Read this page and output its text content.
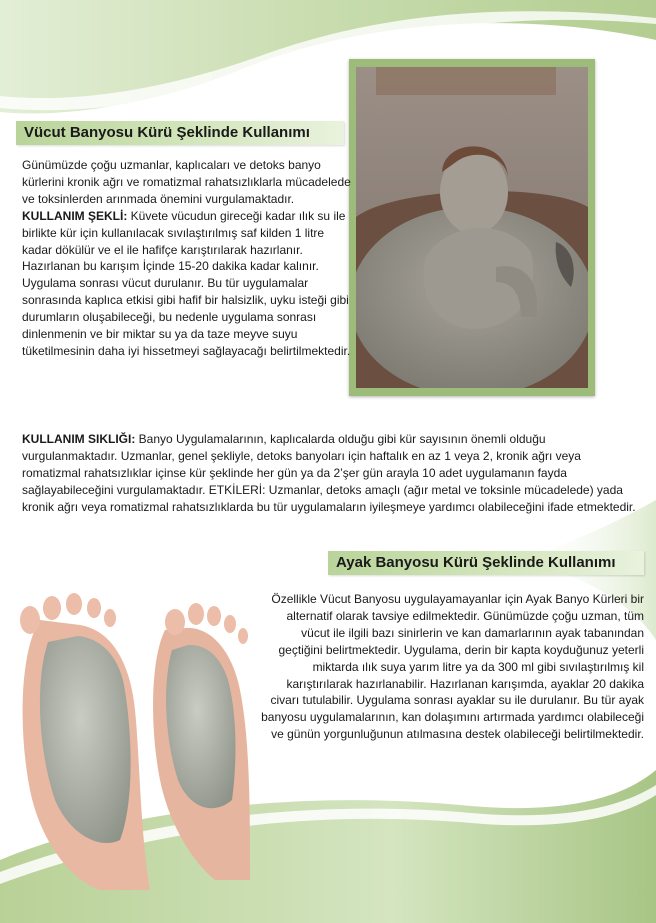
Vücut Banyosu Kürü Şeklinde Kullanımı

Günümüzde çoğu uzmanlar, kaplıcaları ve detoks banyo kürlerini kronik ağrı ve romatizmal rahatsızlıklarla mücadelede ve toksinlerden arınmada önemini vurgulamaktadır.

KULLANIM ŞEKLİ: Küvete vücudun gireceği kadar ılık su ile birlikte kür için kullanılacak sıvılaştırılmış saf kilden 1 litre kadar dökülür ve el ile hafifçe karıştırılarak hazırlanır. Hazırlanan bu karışım İçinde 15-20 dakika kadar kalınır. Uygulama sonrası vücut durulanır. Bu tür uygulamalar sonrasında kaplıca etkisi gibi hafif bir halsizlik, uyku isteği gibi durumların oluşabileceği, bu nedenle uygulama sonrası dinlenmenin ve bir miktar su ya da taze meyve suyu tüketilmesinin daha iyi hissetmeyi sağlayacağı belirtilmektedir.

KULLANIM SIKLIĞI: Banyo Uygulamalarının, kaplıcalarda olduğu gibi kür sayısının önemli olduğu vurgulanmaktadır. Uzmanlar, genel şekliyle, detoks banyoları için haftalık en az 1 veya 2, kronik ağrı veya romatizmal rahatsızlıklar içinse kür şeklinde her gün ya da 2’şer gün arayla 10 adet uygulamanın fayda sağlayabileceğini vurgulamaktadır. ETKİLERİ: Uzmanlar, detoks amaçlı (ağır metal ve toksinle mücadelede) yada kronik ağrı veya romatizmal rahatsızlıklarda bu tür uygulamaların iyileşmeye yardımcı olabileceğini ifade etmektedir.

Ayak Banyosu Kürü Şeklinde Kullanımı

Özellikle Vücut Banyosu uygulayamayanlar için Ayak Banyo Kürleri bir alternatif olarak tavsiye edilmektedir. Günümüzde çoğu uzman, tüm vücut ile ilgili bazı sinirlerin ve kan damarlarının ayak tabanından geçtiğini belirtmektedir. Uygulama, derin bir kapta koyduğunuz yeterli miktarda ılık suya yarım litre ya da 300 ml gibi sıvılaştırılmış kil karıştırılarak hazırlanabilir. Hazırlanan karışımda, ayaklar 20 dakika civarı tutulabilir. Uygulama sonrası ayaklar su ile durulanır. Bu tür ayak banyosu uygulamalarının, kan dolaşımını artırmada yardımcı olabileceği ve günün yorgunluğunun atılmasına destek olabileceği belirtilmektedir.
